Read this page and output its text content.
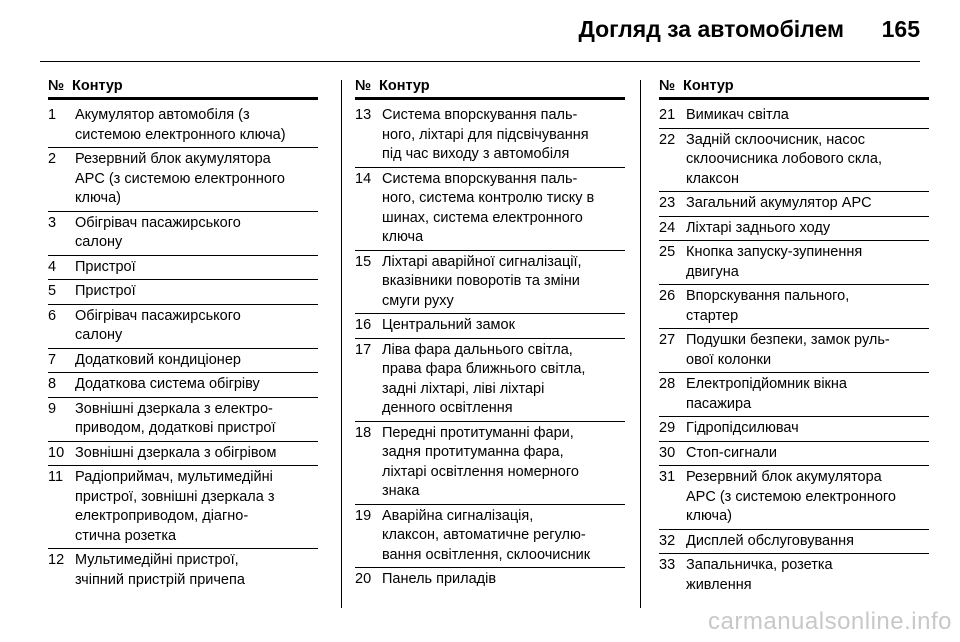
Догляд за автомобілем 165
№ Контур
1	Акумулятор автомобіля (з
системою електронного ключа)
2	Резервний блок акумулятора
APC (з системою електронного
ключа)
3	Обігрівач пасажирського
салону
4	Пристрої
5	Пристрої
6	Обігрівач пасажирського
салону
7	Додатковий кондиціонер
8	Додаткова система обігріву
9	Зовнішні дзеркала з електро-
приводом, додаткові пристрої
10 Зовнішні дзеркала з обігрівом
11 Радіоприймач, мультимедійні
пристрої, зовнішні дзеркала з
електроприводом, діагно-
стична розетка
12 Мультимедійні пристрої,
зчіпний пристрій причепа
№ Контур
13 Система впорскування паль-
ного, ліхтарі для підсвічування
під час виходу з автомобіля
14 Система впорскування паль-
ного, система контролю тиску в
шинах, система електронного
ключа
15 Ліхтарі аварійної сигналізації,
вказівники поворотів та зміни
смуги руху
16 Центральний замок
17 Ліва фара дальнього світла,
права фара ближнього світла,
задні ліхтарі, ліві ліхтарі
денного освітлення
18 Передні протитуманні фари,
задня протитуманна фара,
ліхтарі освітлення номерного
знака
19 Аварійна сигналізація,
клаксон, автоматичне регулю-
вання освітлення, склоочисник
20 Панель приладів
№ Контур
21 Вимикач світла
22 Задній склоочисник, насос
склоочисника лобового скла,
клаксон
23 Загальний акумулятор APC
24 Ліхтарі заднього ходу
25 Кнопка запуску-зупинення
двигуна
26 Впорскування пального,
стартер
27 Подушки безпеки, замок руль-
ової колонки
28 Електропідйомник вікна
пасажира
29 Гідропідсилювач
30 Стоп-сигнали
31 Резервний блок акумулятора
APC (з системою електронного
ключа)
32 Дисплей обслуговування
33 Запальничка, розетка
живлення
carmanualsonline.info
